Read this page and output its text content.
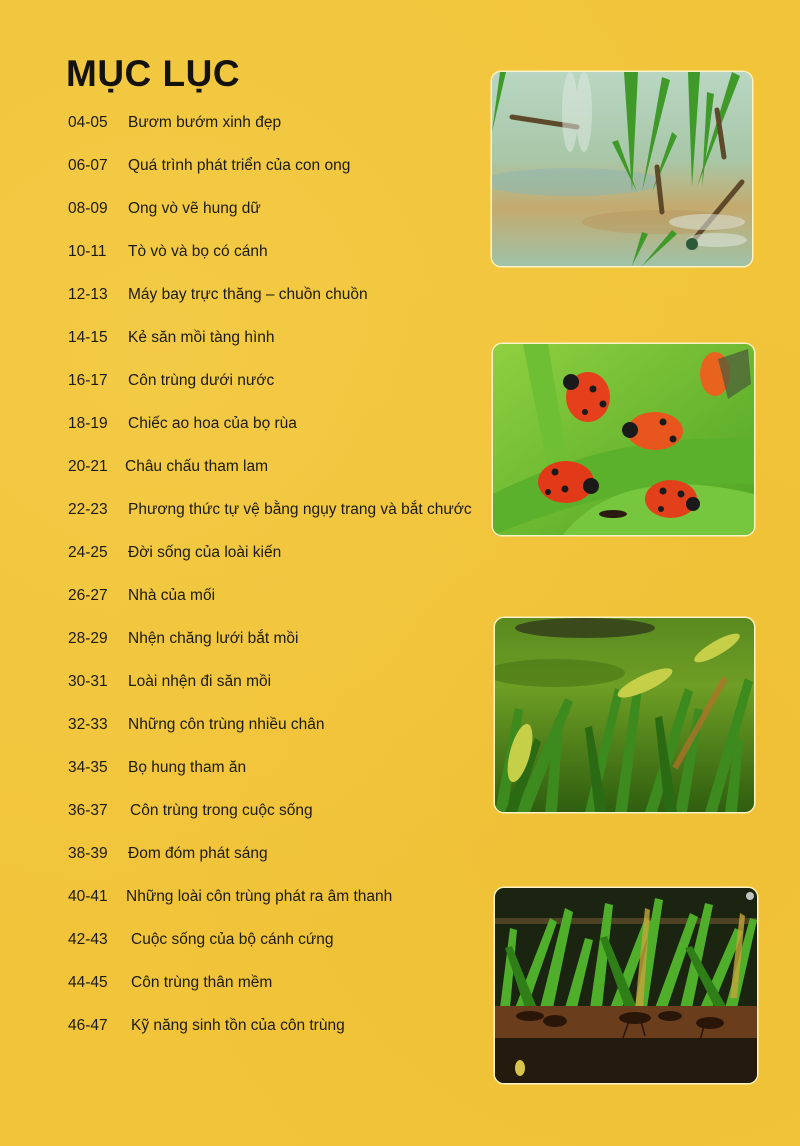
MỤC LỤC
04-05	Bươm bướm xinh đẹp
06-07	Quá trình phát triển của con ong
08-09	Ong vò vẽ hung dữ
10-11	Tò vò và bọ có cánh
12-13	Máy bay trực thăng – chuồn chuồn
14-15	Kẻ săn mồi tàng hình
16-17	Côn trùng dưới nước
18-19	Chiếc ao hoa của bọ rùa
20-21	Châu chấu tham lam
22-23	Phương thức tự vệ bằng ngụy trang và bắt chước
24-25	Đời sống của loài kiến
26-27	Nhà của mối
28-29	Nhện chăng lưới bắt mồi
30-31	Loài nhện đi săn mồi
32-33	Những côn trùng nhiều chân
34-35	Bọ hung tham ăn
36-37	Côn trùng trong cuộc sống
38-39	Đom đóm phát sáng
40-41	Những loài côn trùng phát ra âm thanh
42-43	Cuộc sống của bộ cánh cứng
44-45	Côn trùng thân mềm
46-47	Kỹ năng sinh tồn của côn trùng
